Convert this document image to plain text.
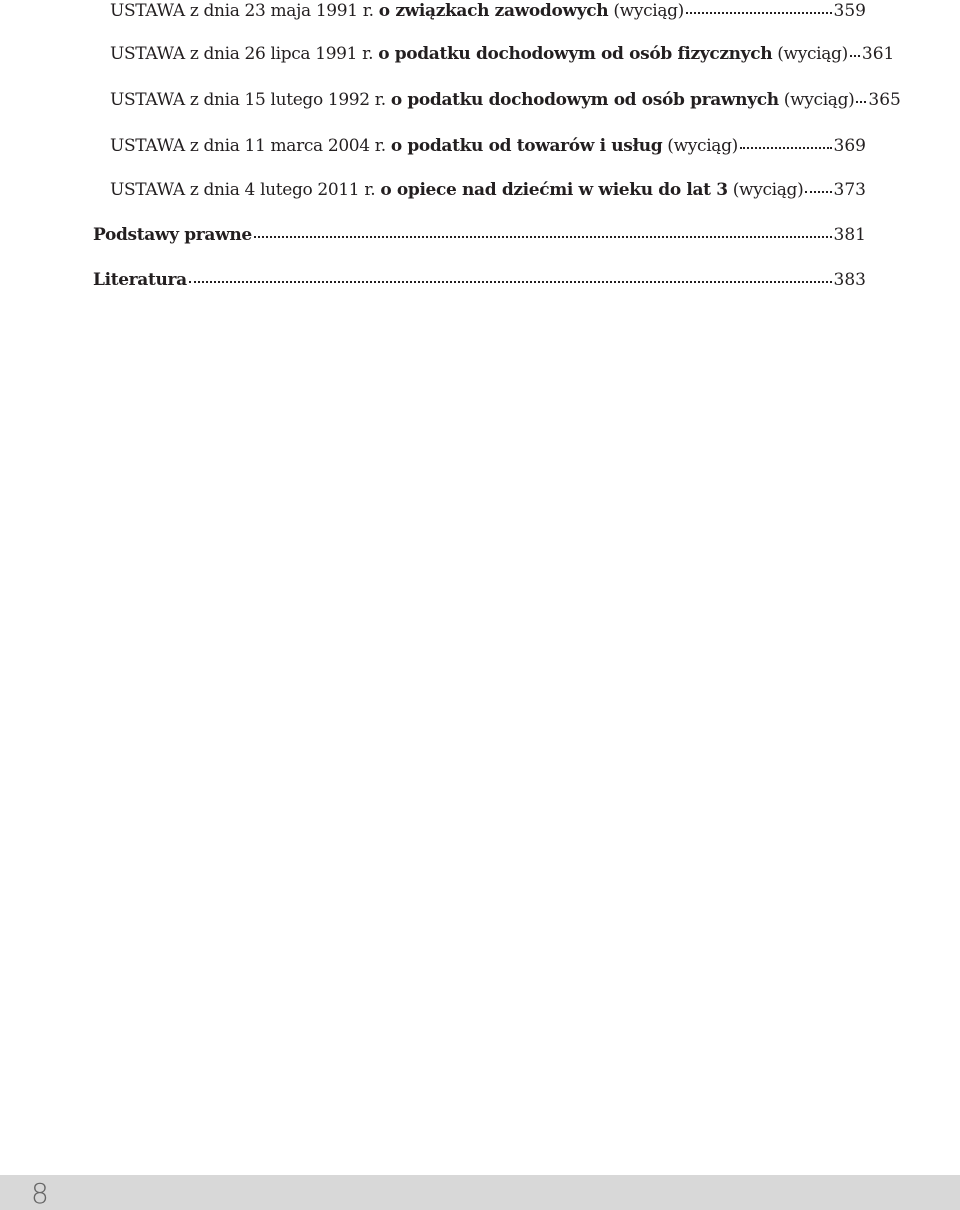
USTAWA z dnia 23 maja 1991 r. o związkach zawodowych (wyciąg)	359
USTAWA z dnia 26 lipca 1991 r. o podatku dochodowym od osób fizycznych (wyciąg) 361
USTAWA z dnia 15 lutego 1992 r. o podatku dochodowym od osób prawnych (wyciąg) 365
USTAWA z dnia 11 marca 2004 r. o podatku od towarów i usług (wyciąg)	369
USTAWA z dnia 4 lutego 2011 r. o opiece nad dziećmi w wieku do lat 3 (wyciąg) 373
Podstawy prawne	381
Literatura	383
8
